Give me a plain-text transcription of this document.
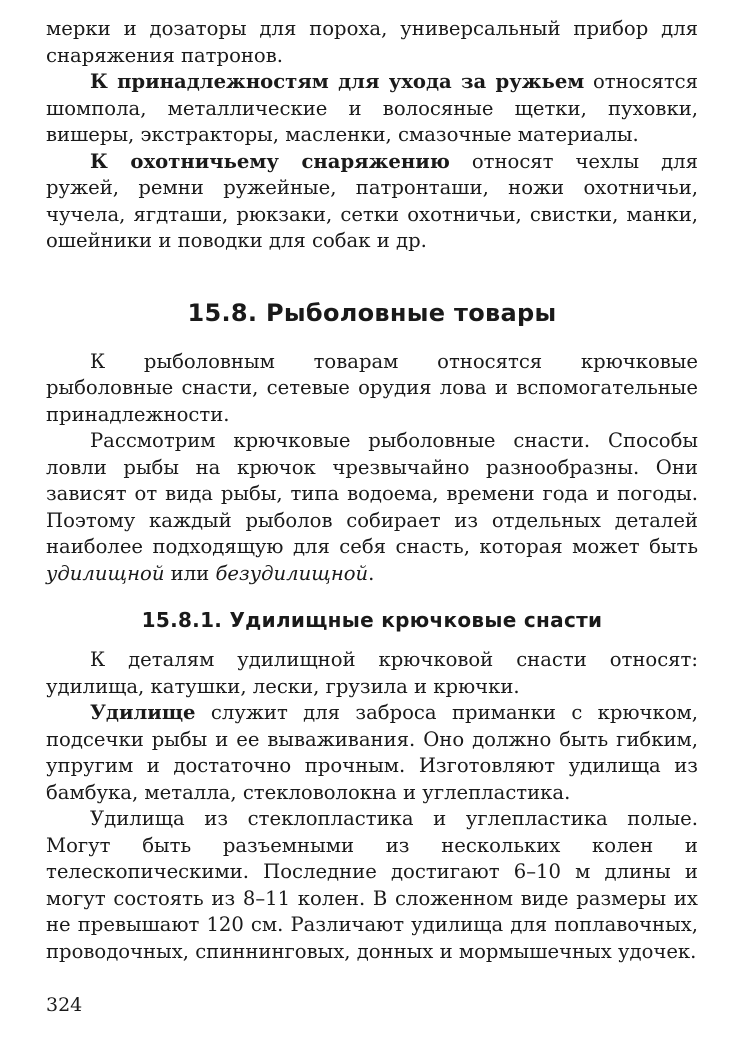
мерки и дозаторы для пороха, универсальный прибор для снаряжения патронов.

К принадлежностям для ухода за ружьем относятся шомпола, металлические и волосяные щетки, пуховки, вишеры, экстракторы, масленки, смазочные материалы.

К охотничьему снаряжению относят чехлы для ружей, ремни ружейные, патронташи, ножи охотничьи, чучела, ягдташи, рюкзаки, сетки охотничьи, свистки, манки, ошейники и поводки для собак и др.

15.8. Рыболовные товары

К рыболовным товарам относятся крючковые рыболовные снасти, сетевые орудия лова и вспомогательные принадлежности.

Рассмотрим крючковые рыболовные снасти. Способы ловли рыбы на крючок чрезвычайно разнообразны. Они зависят от вида рыбы, типа водоема, времени года и погоды. Поэтому каждый рыболов собирает из отдельных деталей наиболее подходящую для себя снасть, которая может быть удилищной или безудилищной.

15.8.1. Удилищные крючковые снасти

К деталям удилищной крючковой снасти относят: удилища, катушки, лески, грузила и крючки.

Удилище служит для заброса приманки с крючком, подсечки рыбы и ее вываживания. Оно должно быть гибким, упругим и достаточно прочным. Изготовляют удилища из бамбука, металла, стекловолокна и углепластика.

Удилища из стеклопластика и углепластика полые. Могут быть разъемными из нескольких колен и телескопическими. Последние достигают 6–10 м длины и могут состоять из 8–11 колен. В сложенном виде размеры их не превышают 120 см. Различают удилища для поплавочных, проводочных, спиннинговых, донных и мормышечных удочек.

324
